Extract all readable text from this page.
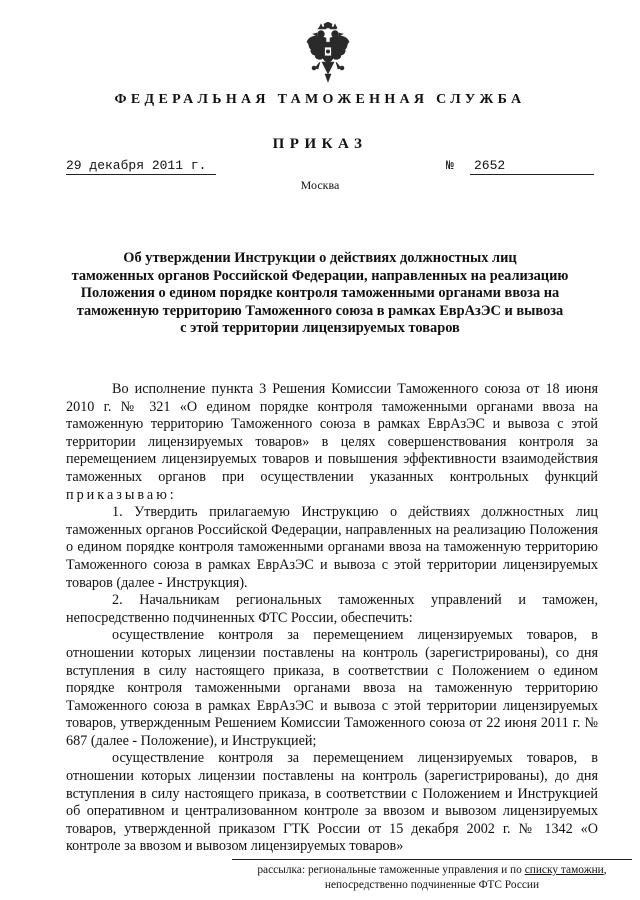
ФЕДЕРАЛЬНАЯ ТАМОЖЕННАЯ СЛУЖБА
ПРИКАЗ
29 декабря 2011 г.	№	2652
Москва
Об утверждении Инструкции о действиях должностных лиц
таможенных органов Российской Федерации, направленных на реализацию
Положения о едином порядке контроля таможенными органами ввоза на
таможенную территорию Таможенного союза в рамках ЕврАзЭС и вывоза
с этой территории лицензируемых товаров

Во исполнение пункта 3 Решения Комиссии Таможенного союза от 18 июня 2010 г. № 321 «О едином порядке контроля таможенными органами ввоза на таможенную территорию Таможенного союза в рамках ЕврАзЭС и вывоза с этой территории лицензируемых товаров» в целях совершенствования контроля за перемещением лицензируемых товаров и повышения эффективности взаимодействия таможенных органов при осуществлении указанных контрольных функций приказываю:

1. Утвердить прилагаемую Инструкцию о действиях должностных лиц таможенных органов Российской Федерации, направленных на реализацию Положения о едином порядке контроля таможенными органами ввоза на таможенную территорию Таможенного союза в рамках ЕврАзЭС и вывоза с этой территории лицензируемых товаров (далее - Инструкция).

2. Начальникам региональных таможенных управлений и таможен, непосредственно подчиненных ФТС России, обеспечить:

осуществление контроля за перемещением лицензируемых товаров, в отношении которых лицензии поставлены на контроль (зарегистрированы), со дня вступления в силу настоящего приказа, в соответствии с Положением о едином порядке контроля таможенными органами ввоза на таможенную территорию Таможенного союза в рамках ЕврАзЭС и вывоза с этой территории лицензируемых товаров, утвержденным Решением Комиссии Таможенного союза от 22 июня 2011 г. № 687 (далее - Положение), и Инструкцией;

осуществление контроля за перемещением лицензируемых товаров, в отношении которых лицензии поставлены на контроль (зарегистрированы), до дня вступления в силу настоящего приказа, в соответствии с Положением и Инструкцией об оперативном и централизованном контроле за ввозом и вывозом лицензируемых товаров, утвержденной приказом ГТК России от 15 декабря 2002 г. № 1342 «О контроле за ввозом и вывозом лицензируемых товаров»

рассылка: региональные таможенные управления и по списку таможни,
непосредственно подчиненные ФТС России
